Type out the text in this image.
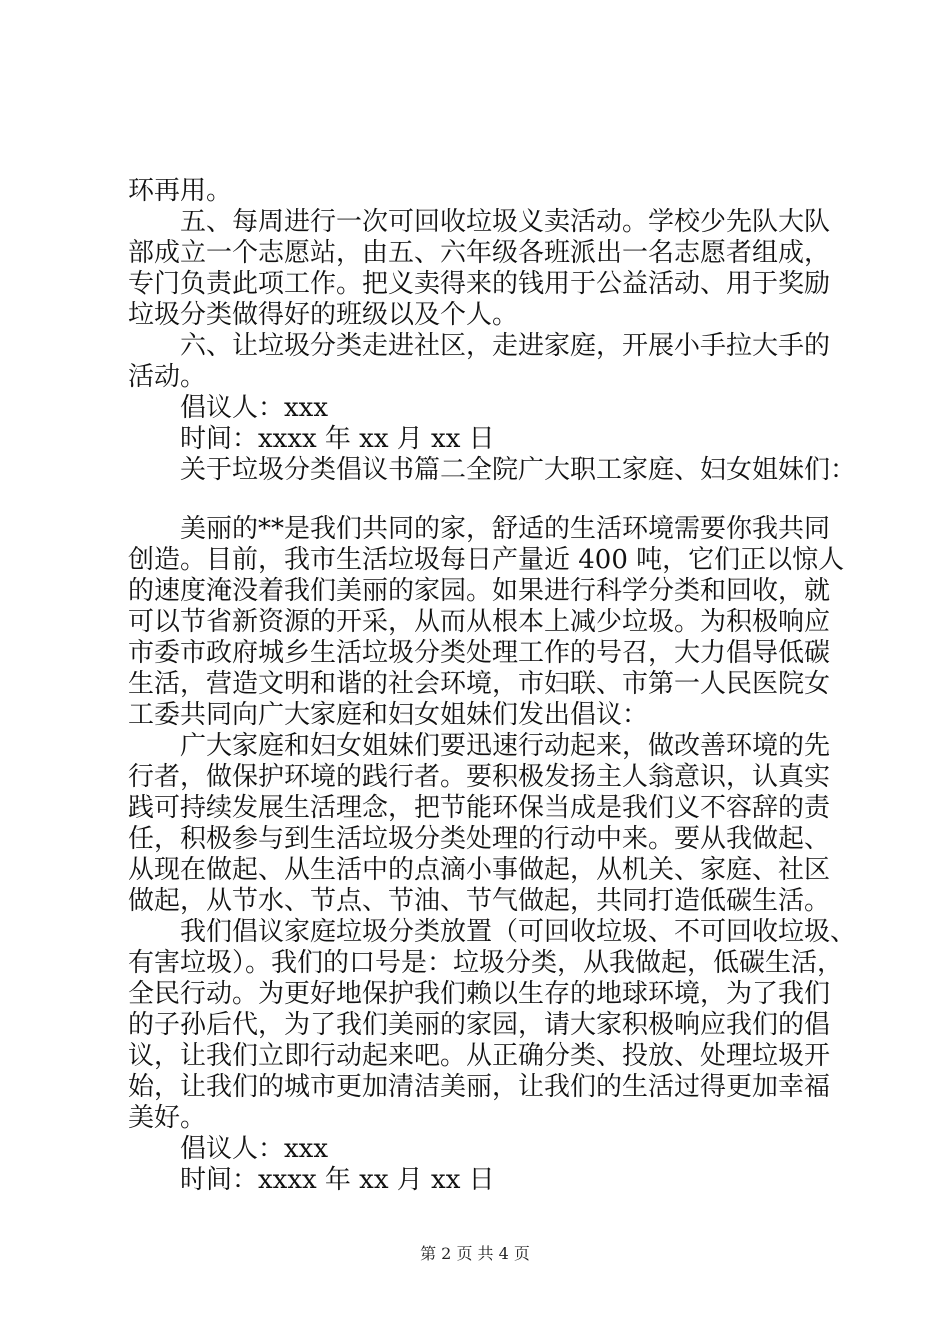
环再用。
五、每周进行一次可回收垃圾义卖活动。学校少先队大队
部成立一个志愿站，由五、六年级各班派出一名志愿者组成，
专门负责此项工作。把义卖得来的钱用于公益活动、用于奖励
垃圾分类做得好的班级以及个人。
六、让垃圾分类走进社区，走进家庭，开展小手拉大手的
活动。
倡议人：xxx
时间：xxxx 年 xx 月 xx 日
关于垃圾分类倡议书篇二全院广大职工家庭、妇女姐妹们：
美丽的**是我们共同的家，舒适的生活环境需要你我共同
创造。目前，我市生活垃圾每日产量近 400 吨，它们正以惊人
的速度淹没着我们美丽的家园。如果进行科学分类和回收，就
可以节省新资源的开采，从而从根本上减少垃圾。为积极响应
市委市政府城乡生活垃圾分类处理工作的号召，大力倡导低碳
生活，营造文明和谐的社会环境，市妇联、市第一人民医院女
工委共同向广大家庭和妇女姐妹们发出倡议：
广大家庭和妇女姐妹们要迅速行动起来，做改善环境的先
行者，做保护环境的践行者。要积极发扬主人翁意识，认真实
践可持续发展生活理念，把节能环保当成是我们义不容辞的责
任，积极参与到生活垃圾分类处理的行动中来。要从我做起、
从现在做起、从生活中的点滴小事做起，从机关、家庭、社区
做起，从节水、节点、节油、节气做起，共同打造低碳生活。
我们倡议家庭垃圾分类放置（可回收垃圾、不可回收垃圾、
有害垃圾）。我们的口号是：垃圾分类，从我做起，低碳生活，
全民行动。为更好地保护我们赖以生存的地球环境，为了我们
的子孙后代，为了我们美丽的家园，请大家积极响应我们的倡
议，让我们立即行动起来吧。从正确分类、投放、处理垃圾开
始，让我们的城市更加清洁美丽，让我们的生活过得更加幸福
美好。
倡议人：xxx
时间：xxxx 年 xx 月 xx 日
第 2 页 共 4 页
